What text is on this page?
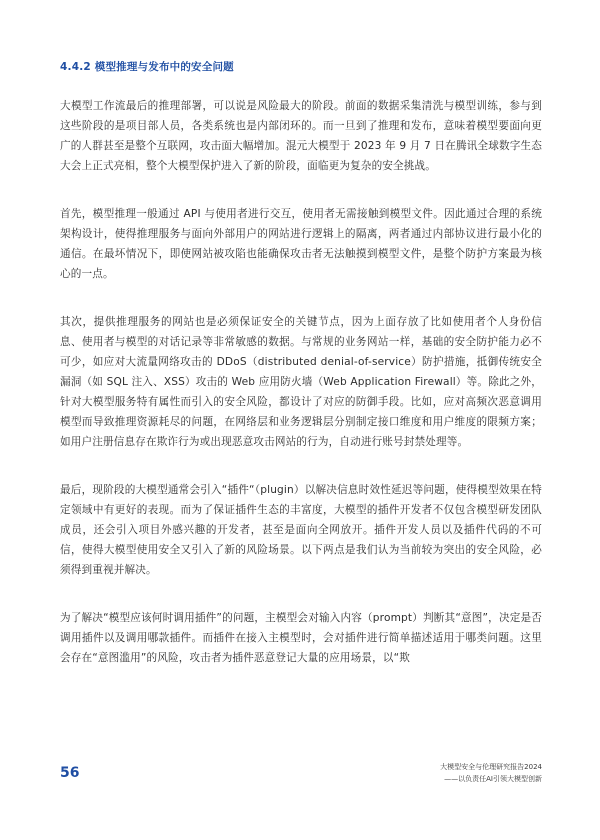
4.4.2 模型推理与发布中的安全问题

大模型工作流最后的推理部署，可以说是风险最大的阶段。前面的数据采集清洗与模型训练，参与到这些阶段的是项目部人员，各类系统也是内部闭环的。而一旦到了推理和发布，意味着模型要面向更广的人群甚至是整个互联网，攻击面大幅增加。混元大模型于 2023 年 9 月 7 日在腾讯全球数字生态大会上正式亮相，整个大模型保护进入了新的阶段，面临更为复杂的安全挑战。

首先，模型推理一般通过 API 与使用者进行交互，使用者无需接触到模型文件。因此通过合理的系统架构设计，使得推理服务与面向外部用户的网站进行逻辑上的隔离，两者通过内部协议进行最小化的通信。在最坏情况下，即使网站被攻陷也能确保攻击者无法触摸到模型文件，是整个防护方案最为核心的一点。

其次，提供推理服务的网站也是必须保证安全的关键节点，因为上面存放了比如使用者个人身份信息、使用者与模型的对话记录等非常敏感的数据。与常规的业务网站一样，基础的安全防护能力必不可少，如应对大流量网络攻击的 DDoS（distributed denial-of-service）防护措施，抵御传统安全漏洞（如 SQL 注入、XSS）攻击的 Web 应用防火墙（Web Application Firewall）等。除此之外，针对大模型服务特有属性而引入的安全风险，都设计了对应的防御手段。比如，应对高频次恶意调用模型而导致推理资源耗尽的问题，在网络层和业务逻辑层分别制定接口维度和用户维度的限频方案；如用户注册信息存在欺诈行为或出现恶意攻击网站的行为，自动进行账号封禁处理等。

最后，现阶段的大模型通常会引入“插件“（plugin）以解决信息时效性延迟等问题，使得模型效果在特定领域中有更好的表现。而为了保证插件生态的丰富度，大模型的插件开发者不仅包含模型研发团队成员，还会引入项目外感兴趣的开发者，甚至是面向全网放开。插件开发人员以及插件代码的不可信，使得大模型使用安全又引入了新的风险场景。以下两点是我们认为当前较为突出的安全风险，必须得到重视并解决。

为了解决“模型应该何时调用插件”的问题，主模型会对输入内容（prompt）判断其“意图”，决定是否调用插件以及调用哪款插件。而插件在接入主模型时，会对插件进行简单描述适用于哪类问题。这里会存在“意图滥用”的风险，攻击者为插件恶意登记大量的应用场景，以“欺

56	大模型安全与伦理研究报告2024
——以负责任AI引领大模型创新
